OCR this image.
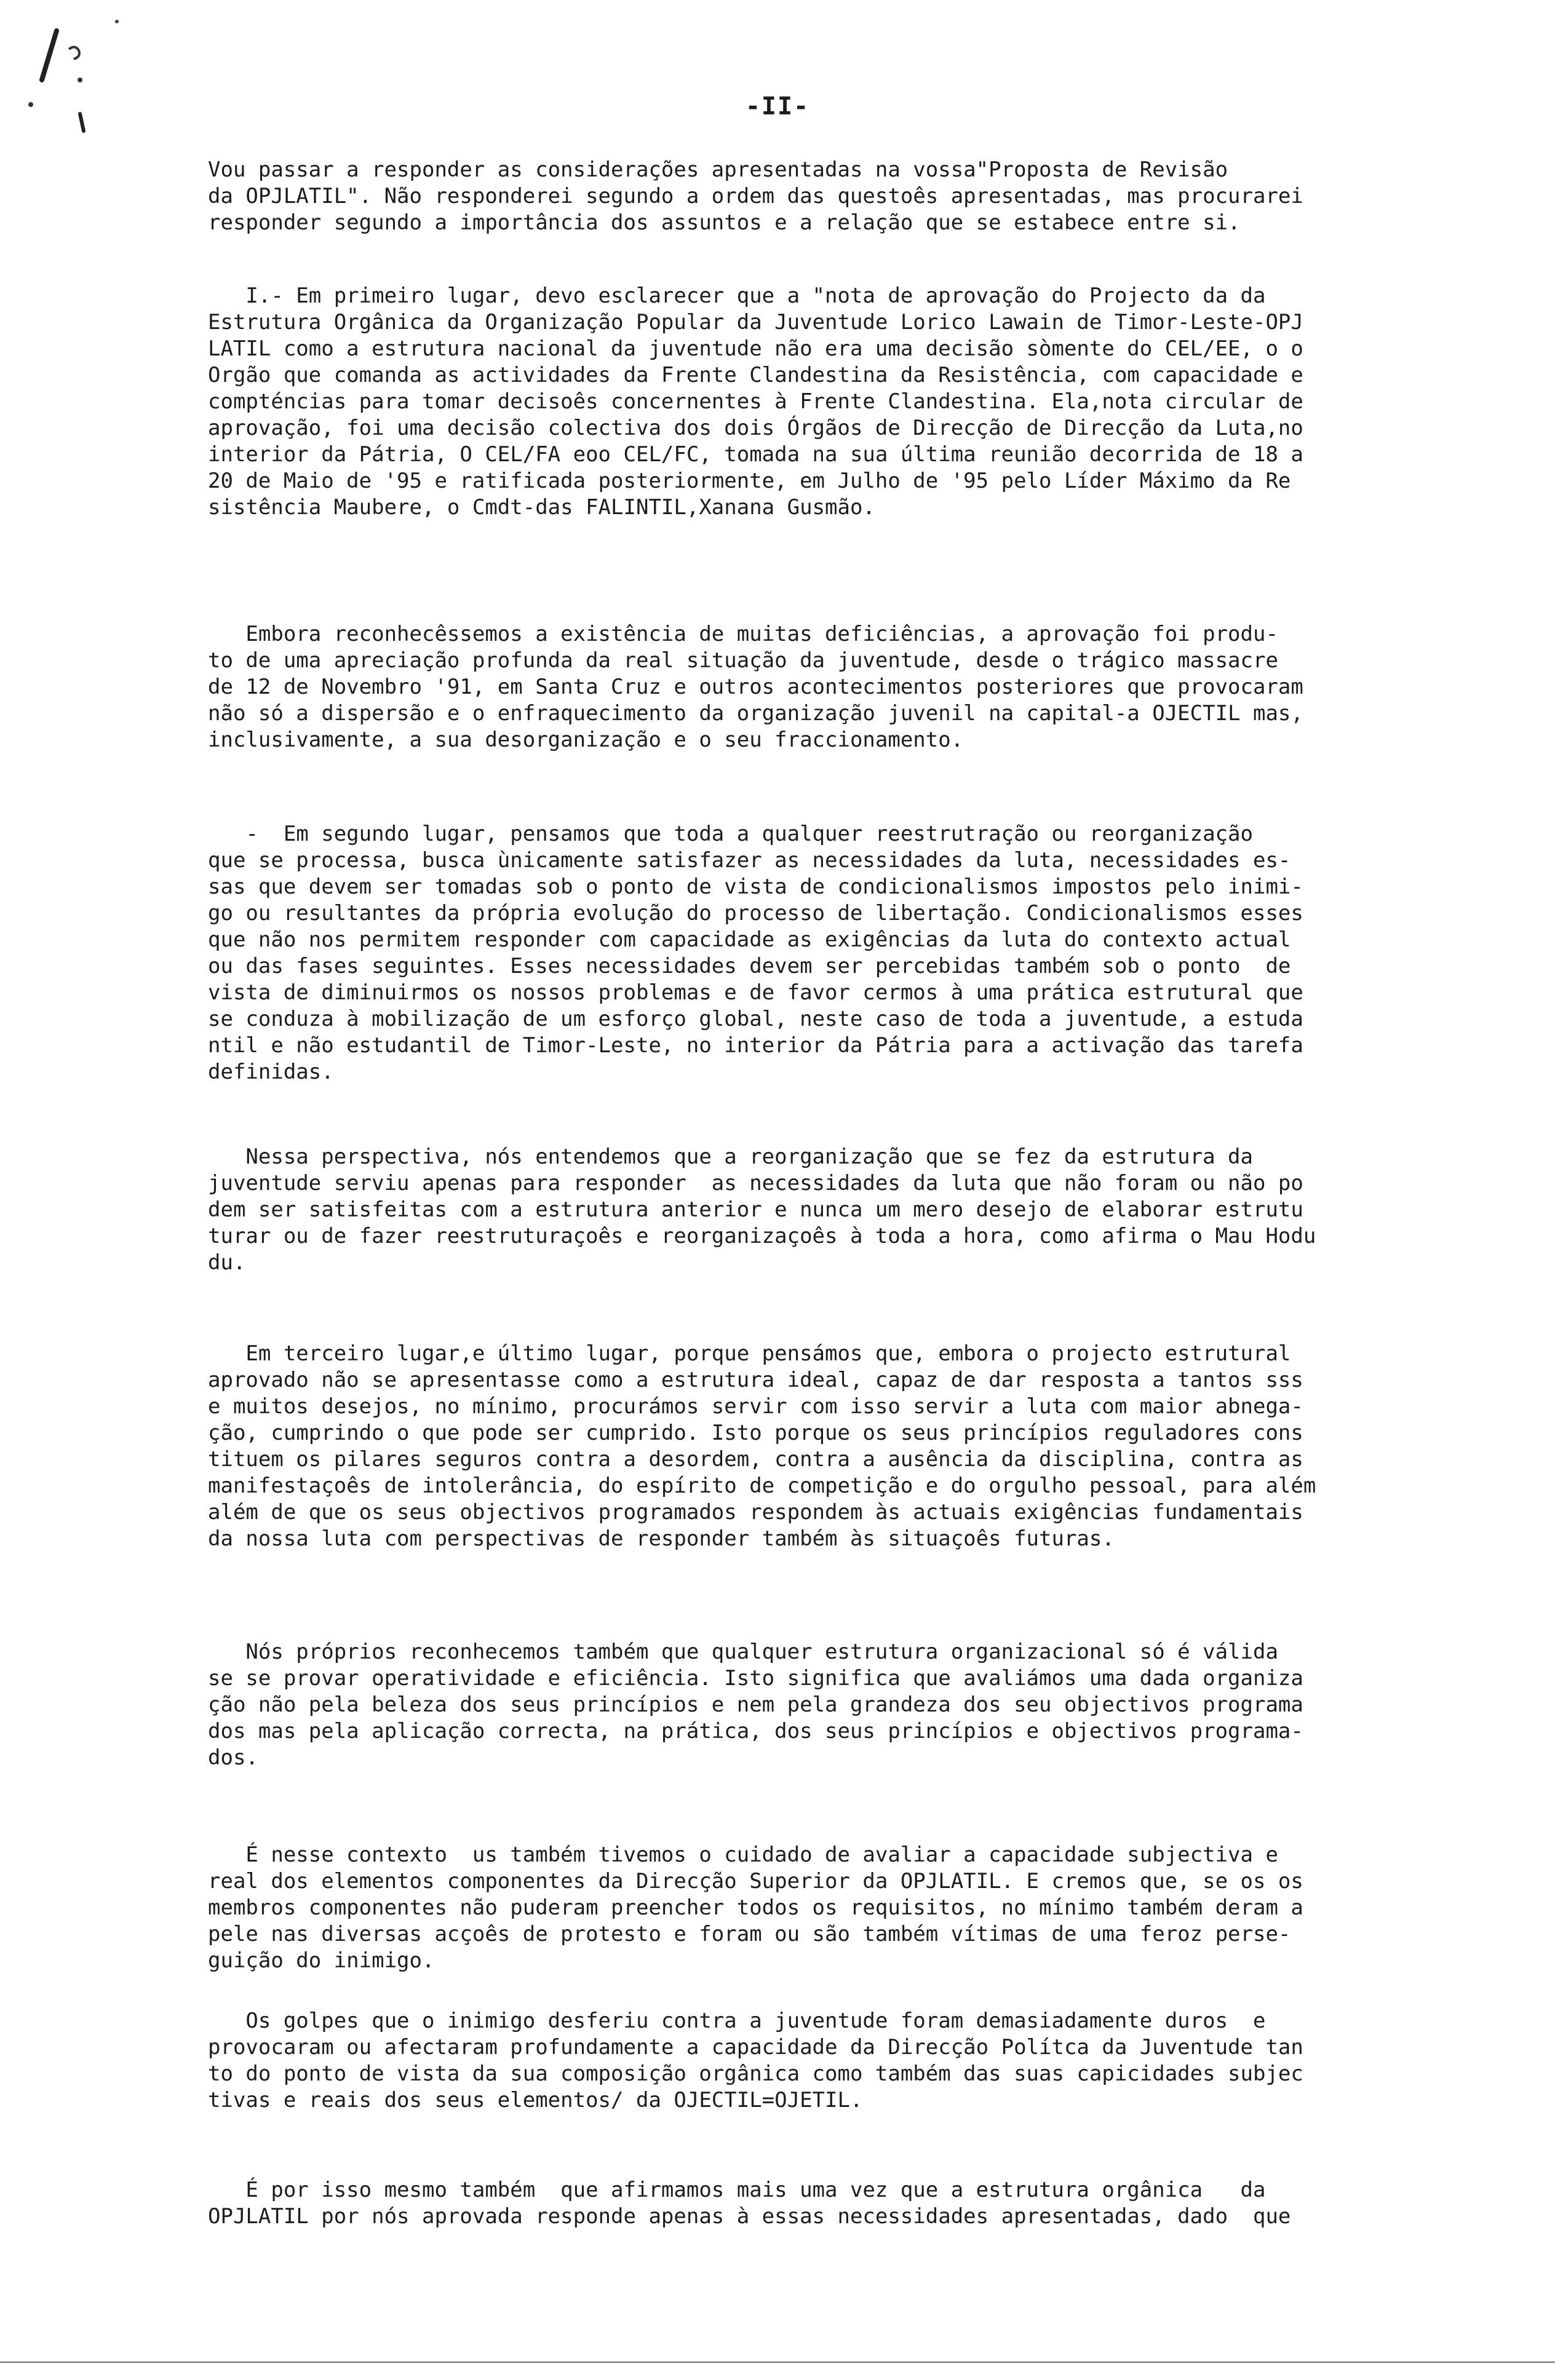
-II-
Vou passar a responder as considerações apresentadas na vossa"Proposta de Revisão
da OPJLATIL". Não responderei segundo a ordem das questoês apresentadas, mas procurarei
responder segundo a importância dos assuntos e a relação que se estabece entre si.
I.- Em primeiro lugar, devo esclarecer que a "nota de aprovação do Projecto da da
Estrutura Orgânica da Organização Popular da Juventude Lorico Lawain de Timor-Leste-OPJ
LATIL como a estrutura nacional da juventude não era uma decisão sòmente do CEL/EE, o o
Orgão que comanda as actividades da Frente Clandestina da Resistência, com capacidade e
compténcias para tomar decisoês concernentes à Frente Clandestina. Ela,nota circular de
aprovação, foi uma decisão colectiva dos dois Órgãos de Direcção de Direcção da Luta,no
interior da Pátria, O CEL/FA eoo CEL/FC, tomada na sua última reunião decorrida de 18 a
20 de Maio de '95 e ratificada posteriormente, em Julho de '95 pelo Líder Máximo da Re
sistência Maubere, o Cmdt-das FALINTIL,Xanana Gusmão.
Embora reconhecêssemos a existência de muitas deficiências, a aprovação foi produ-
to de uma apreciação profunda da real situação da juventude, desde o trágico massacre
de 12 de Novembro '91, em Santa Cruz e outros acontecimentos posteriores que provocaram
não só a dispersão e o enfraquecimento da organização juvenil na capital-a OJECTIL mas,
inclusivamente, a sua desorganização e o seu fraccionamento.
-  Em segundo lugar, pensamos que toda a qualquer reestrutração ou reorganização
que se processa, busca ùnicamente satisfazer as necessidades da luta, necessidades es-
sas que devem ser tomadas sob o ponto de vista de condicionalismos impostos pelo inimi-
go ou resultantes da própria evolução do processo de libertação. Condicionalismos esses
que não nos permitem responder com capacidade as exigências da luta do contexto actual
ou das fases seguintes. Esses necessidades devem ser percebidas também sob o ponto  de
vista de diminuirmos os nossos problemas e de favor cermos à uma prática estrutural que
se conduza à mobilização de um esforço global, neste caso de toda a juventude, a estuda
ntil e não estudantil de Timor-Leste, no interior da Pátria para a activação das tarefa
definidas.
Nessa perspectiva, nós entendemos que a reorganização que se fez da estrutura da
juventude serviu apenas para responder  as necessidades da luta que não foram ou não po
dem ser satisfeitas com a estrutura anterior e nunca um mero desejo de elaborar estrutu
turar ou de fazer reestruturaçoês e reorganizaçoês à toda a hora, como afirma o Mau Hodu
du.
Em terceiro lugar,e último lugar, porque pensámos que, embora o projecto estrutural
aprovado não se apresentasse como a estrutura ideal, capaz de dar resposta a tantos sss
e muitos desejos, no mínimo, procurámos servir com isso servir a luta com maior abnega-
ção, cumprindo o que pode ser cumprido. Isto porque os seus princípios reguladores cons
tituem os pilares seguros contra a desordem, contra a ausência da disciplina, contra as
manifestaçoês de intolerância, do espírito de competição e do orgulho pessoal, para além
além de que os seus objectivos programados respondem às actuais exigências fundamentais
da nossa luta com perspectivas de responder também às situaçoês futuras.
Nós próprios reconhecemos também que qualquer estrutura organizacional só é válida
se se provar operatividade e eficiência. Isto significa que avaliámos uma dada organiza
ção não pela beleza dos seus princípios e nem pela grandeza dos seu objectivos programa
dos mas pela aplicação correcta, na prática, dos seus princípios e objectivos programa-
dos.
É nesse contexto  us também tivemos o cuidado de avaliar a capacidade subjectiva e
real dos elementos componentes da Direcção Superior da OPJLATIL. E cremos que, se os os
membros componentes não puderam preencher todos os requisitos, no mínimo também deram a
pele nas diversas acçoês de protesto e foram ou são também vítimas de uma feroz perse-
guição do inimigo.
Os golpes que o inimigo desferiu contra a juventude foram demasiadamente duros  e
provocaram ou afectaram profundamente a capacidade da Direcção Polítca da Juventude tan
to do ponto de vista da sua composição orgânica como também das suas capicidades subjec
tivas e reais dos seus elementos/ da OJECTIL=OJETIL.
É por isso mesmo também  que afirmamos mais uma vez que a estrutura orgânica   da
OPJLATIL por nós aprovada responde apenas à essas necessidades apresentadas, dado  que
